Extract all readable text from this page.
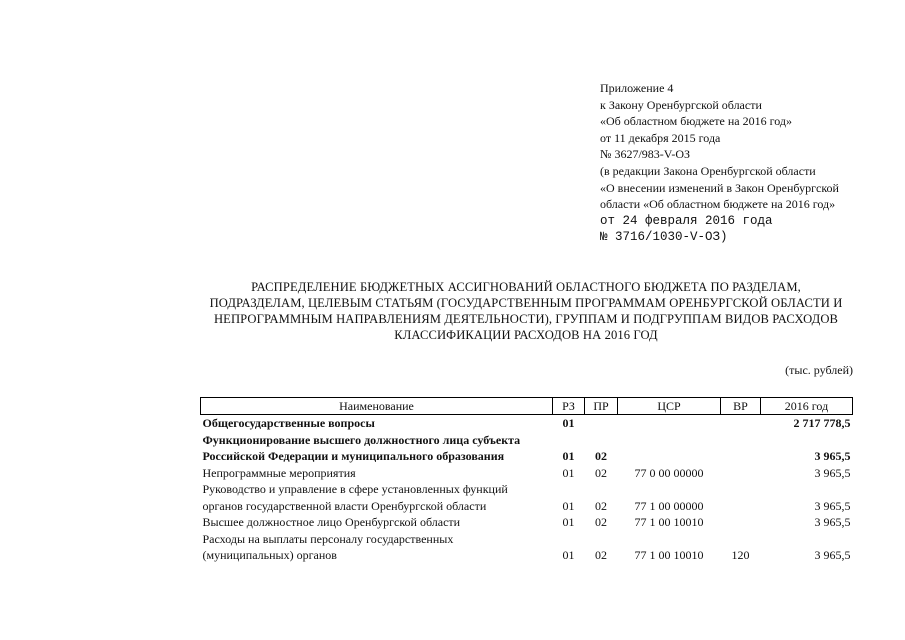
Приложение 4
к Закону Оренбургской области
«Об областном бюджете на 2016 год»
от 11 декабря 2015 года
№ 3627/983-V-ОЗ
(в редакции Закона Оренбургской области
«О внесении изменений в Закон Оренбургской
области «Об областном бюджете на 2016 год»
от 24 февраля 2016 года
№ 3716/1030-V-ОЗ)
РАСПРЕДЕЛЕНИЕ БЮДЖЕТНЫХ АССИГНОВАНИЙ ОБЛАСТНОГО БЮДЖЕТА ПО РАЗДЕЛАМ,
ПОДРАЗДЕЛАМ, ЦЕЛЕВЫМ СТАТЬЯМ (ГОСУДАРСТВЕННЫМ ПРОГРАММАМ ОРЕНБУРГСКОЙ ОБЛАСТИ И
НЕПРОГРАММНЫМ НАПРАВЛЕНИЯМ ДЕЯТЕЛЬНОСТИ), ГРУППАМ И ПОДГРУППАМ ВИДОВ РАСХОДОВ
КЛАССИФИКАЦИИ РАСХОДОВ НА 2016 ГОД
(тыс. рублей)
Наименование	РЗ	ПР	ЦСР	ВР	2016 год

Общегосударственные вопросы	01				2 717 778,5

Функционирование высшего должностного лица субъекта
Российской Федерации и муниципального образования	01	02			3 965,5

Непрограммные мероприятия	01	02	77 0 00 00000		3 965,5

Руководство и управление в сфере установленных функций
органов государственной власти Оренбургской области	01	02	77 1 00 00000		3 965,5

Высшее должностное лицо Оренбургской области	01	02	77 1 00 10010		3 965,5

Расходы на выплаты персоналу государственных
(муниципальных) органов	01	02	77 1 00 10010	120	3 965,5
